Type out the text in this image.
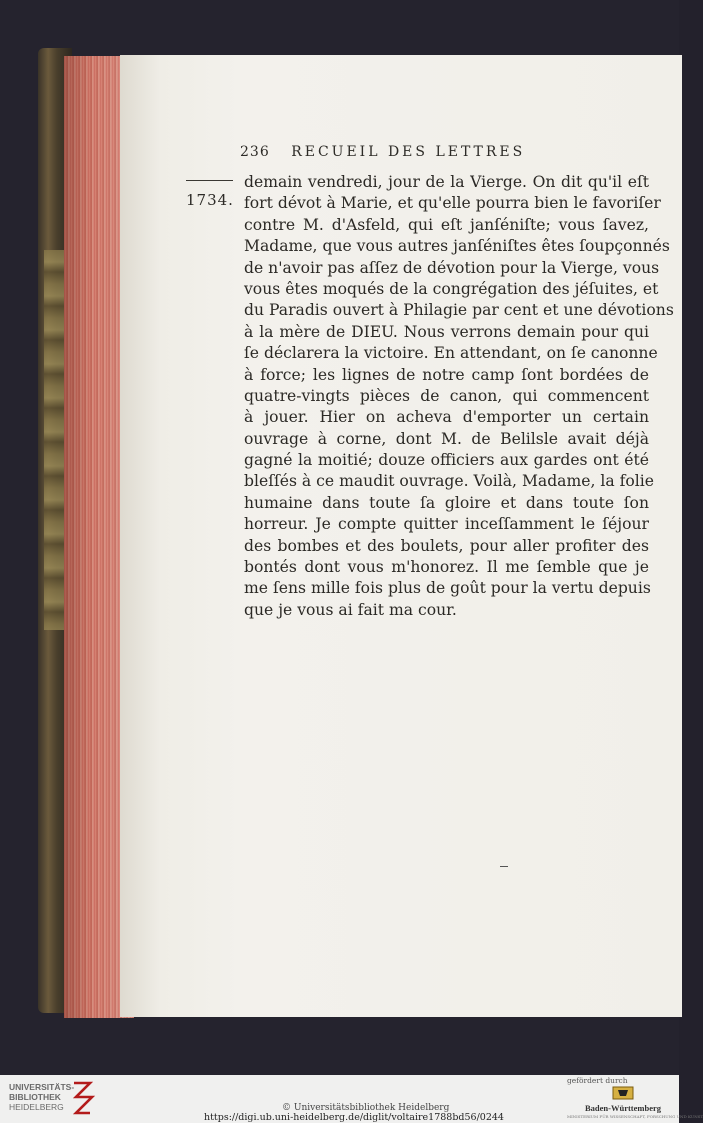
236 RECUEIL DES LETTRES
1734.
demain vendredi, jour de la Vierge. On dit qu'il eſt
fort dévot à Marie, et qu'elle pourra bien le favoriſer
contre M. d'Asfeld, qui eſt janſéniſte; vous ſavez,
Madame, que vous autres janſéniſtes êtes ſoupçonnés
de n'avoir pas aſſez de dévotion pour la Vierge, vous
vous êtes moqués de la congrégation des jéſuites, et
du Paradis ouvert à Philagie par cent et une dévotions
à la mère de DIEU. Nous verrons demain pour qui
ſe déclarera la victoire. En attendant, on ſe canonne
à force; les lignes de notre camp ſont bordées de
quatre-vingts pièces de canon, qui commencent
à jouer. Hier on acheva d'emporter un certain
ouvrage à corne, dont M. de Belilsle avait déjà
gagné la moitié; douze officiers aux gardes ont été
bleſſés à ce maudit ouvrage. Voilà, Madame, la folie
humaine dans toute ſa gloire et dans toute ſon
horreur. Je compte quitter inceſſamment le ſéjour
des bombes et des boulets, pour aller profiter des
bontés dont vous m'honorez. Il me ſemble que je
me ſens mille fois plus de goût pour la vertu depuis
que je vous ai fait ma cour.
UNIVERSITÄTS-
BIBLIOTHEK
HEIDELBERG	© Universitätsbibliothek Heidelberg
https://digi.ub.uni-heidelberg.de/diglit/voltaire1788bd56/0244
gefördert durch
Baden-Württemberg
MINISTERIUM FÜR WISSENSCHAFT, FORSCHUNG UND KUNST
